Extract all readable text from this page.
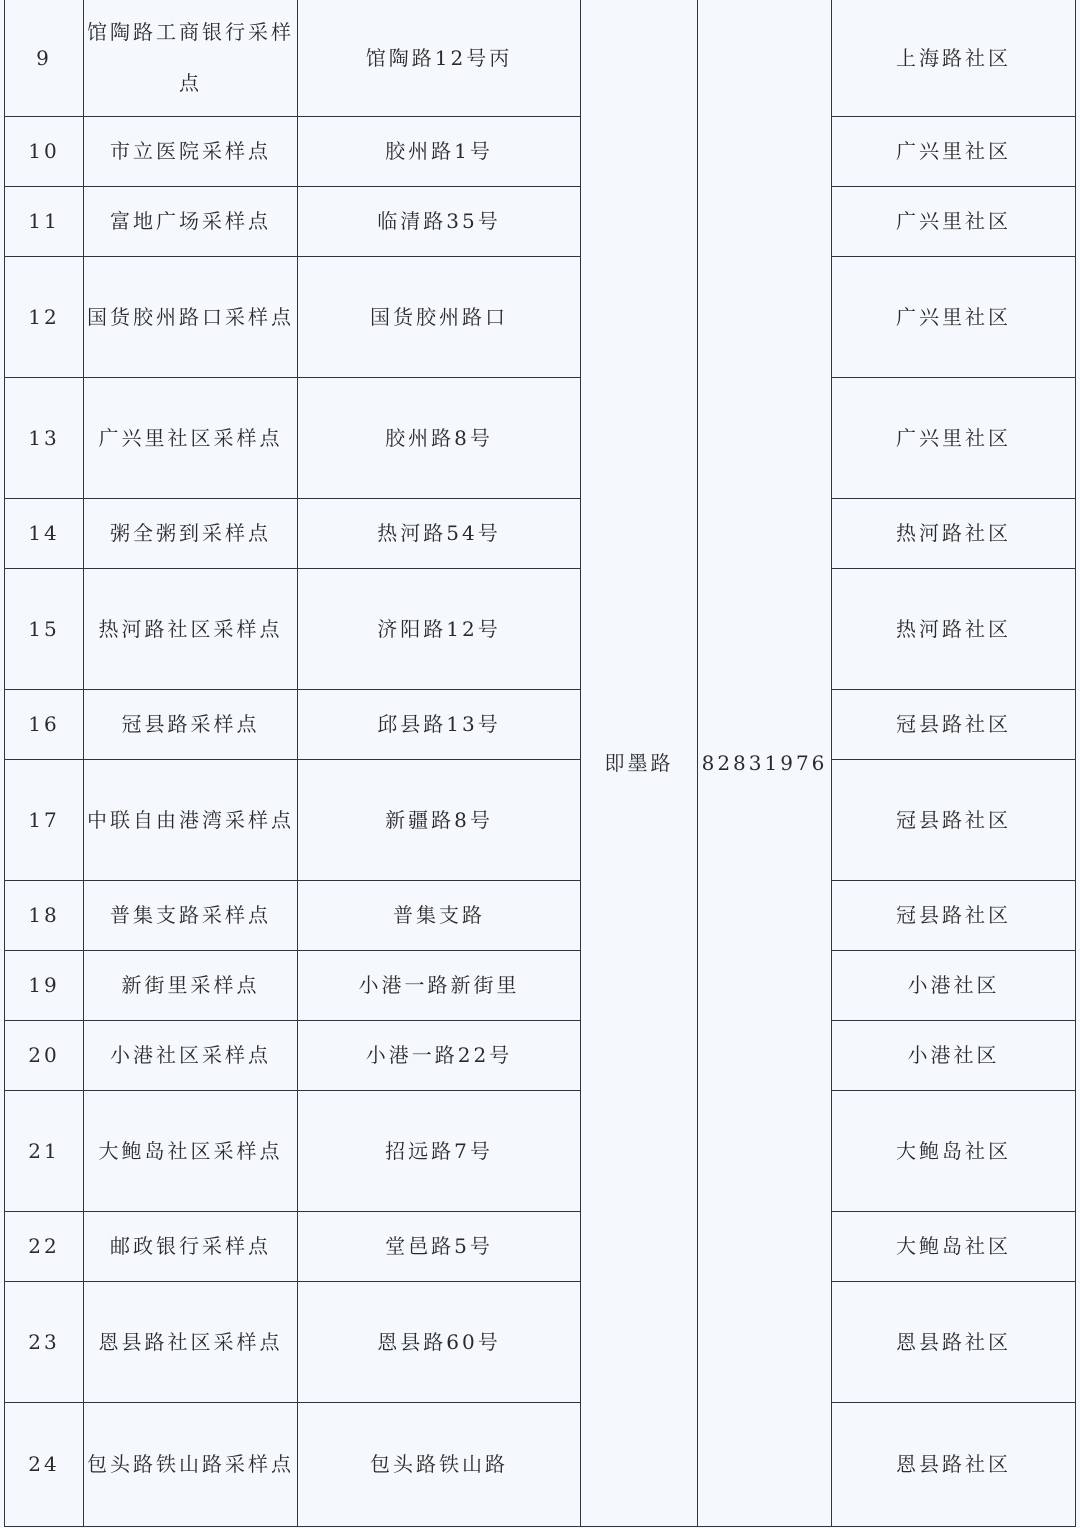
9	馆陶路工商银行采样点	馆陶路12号丙	即墨路	82831976	上海路社区
10	市立医院采样点	胶州路1号			广兴里社区
11	富地广场采样点	临清路35号			广兴里社区
12	国货胶州路口采样点	国货胶州路口			广兴里社区
13	广兴里社区采样点	胶州路8号			广兴里社区
14	粥全粥到采样点	热河路54号			热河路社区
15	热河路社区采样点	济阳路12号			热河路社区
16	冠县路采样点	邱县路13号			冠县路社区
17	中联自由港湾采样点	新疆路8号			冠县路社区
18	普集支路采样点	普集支路			冠县路社区
19	新街里采样点	小港一路新街里			小港社区
20	小港社区采样点	小港一路22号			小港社区
21	大鲍岛社区采样点	招远路7号			大鲍岛社区
22	邮政银行采样点	堂邑路5号			大鲍岛社区
23	恩县路社区采样点	恩县路60号			恩县路社区
24	包头路铁山路采样点	包头路铁山路			恩县路社区
